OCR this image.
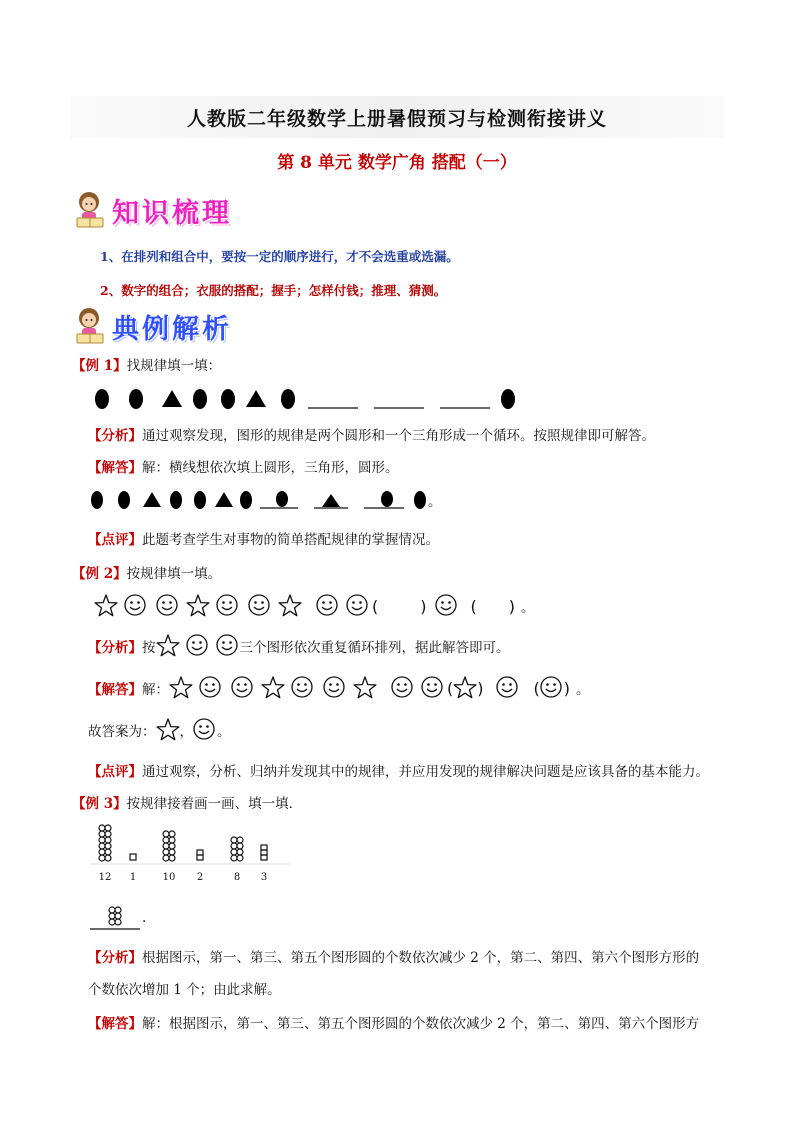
人教版二年级数学上册暑假预习与检测衔接讲义
第 8 单元 数学广角 搭配（一）
知识梳理
1、在排列和组合中，要按一定的顺序进行，才不会选重或选漏。
2、数字的组合；衣服的搭配；握手；怎样付钱；推理、猜测。
典例解析
【例 1】找规律填一填：
【分析】通过观察发现，图形的规律是两个圆形和一个三角形成一个循环。按照规律即可解答。
【解答】解：横线想依次填上圆形，三角形，圆形。
。
【点评】此题考查学生对事物的简单搭配规律的掌握情况。
【例 2】按规律填一填。
(	)	( ) 。
【分析】 按	三个图形依次重复循环排列，据此解答即可。
【解答】 解：	( )	( ) 。
故答案为： ， 。
【点评】通过观察，分析、归纳并发现其中的规律，并应用发现的规律解决问题是应该具备的基本能力。
【例 3】按规律接着画一画、填一填．
12 1	10 2	8 3
.
【分析】根据图示，第一、第三、第五个图形圆的个数依次减少 2 个，第二、第四、第六个图形方形的
个数依次增加 1 个；由此求解。
【解答】解：根据图示，第一、第三、第五个图形圆的个数依次减少 2 个，第二、第四、第六个图形方
